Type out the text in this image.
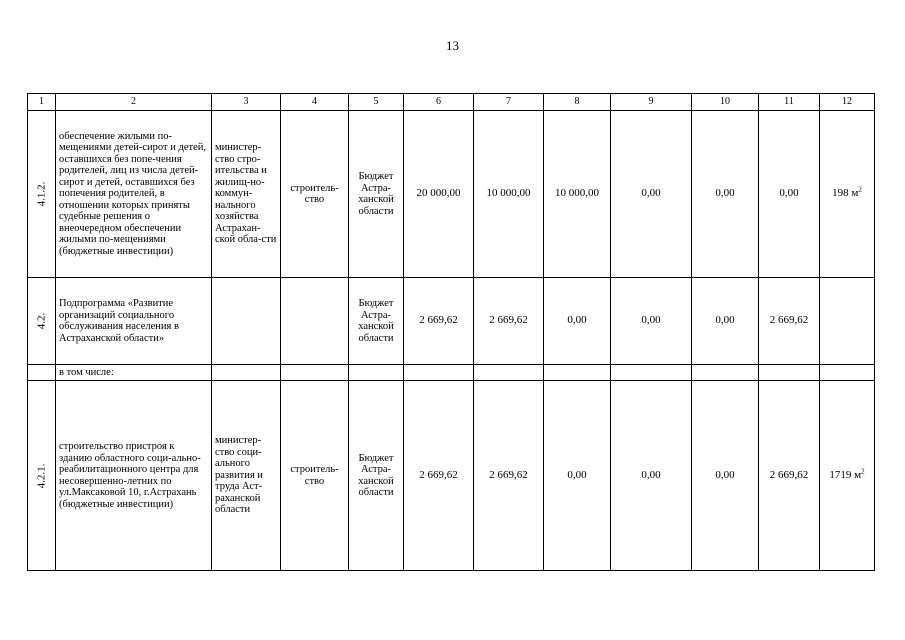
13
1	2	3	4	5	6	7	8	9	10	11	12

4.1.2.	обеспечение жилыми по-мещениями детей-сирот и детей, оставшихся без попе-чения родителей, лиц из числа детей-сирот и детей, оставшихся без попечения родителей, в отношении которых приняты судебные решения о внеочередном обеспечении жилыми по-мещениями (бюджетные инвестиции)	министер-ство стро-ительства и жилищ-но-коммун-нального хозяйства Астрахан-ской обла-сти	строитель-ство	Бюджет Астра-ханской области	20 000,00	10 000,00	10 000,00	0,00	0,00	0,00	198 $м^2$

4.2.	Подпрограмма «Развитие организаций социального обслуживания населения в Астраханской области»			Бюджет Астра-ханской области	2 669,62	2 669,62	0,00	0,00	0,00	2 669,62	
	в том числе:										

4.2.1.	строительство пристроя к зданию областного соци-ально-реабилитационного центра для несовершенно-летних по ул.Максаковой 10, г.Астрахань (бюджетные инвестиции)	министер-ство соци-ального развития и труда Аст-раханской области	строитель-ство	Бюджет Астра-ханской области	2 669,62	2 669,62	0,00	0,00	0,00	2 669,62	1719 $м^2$
